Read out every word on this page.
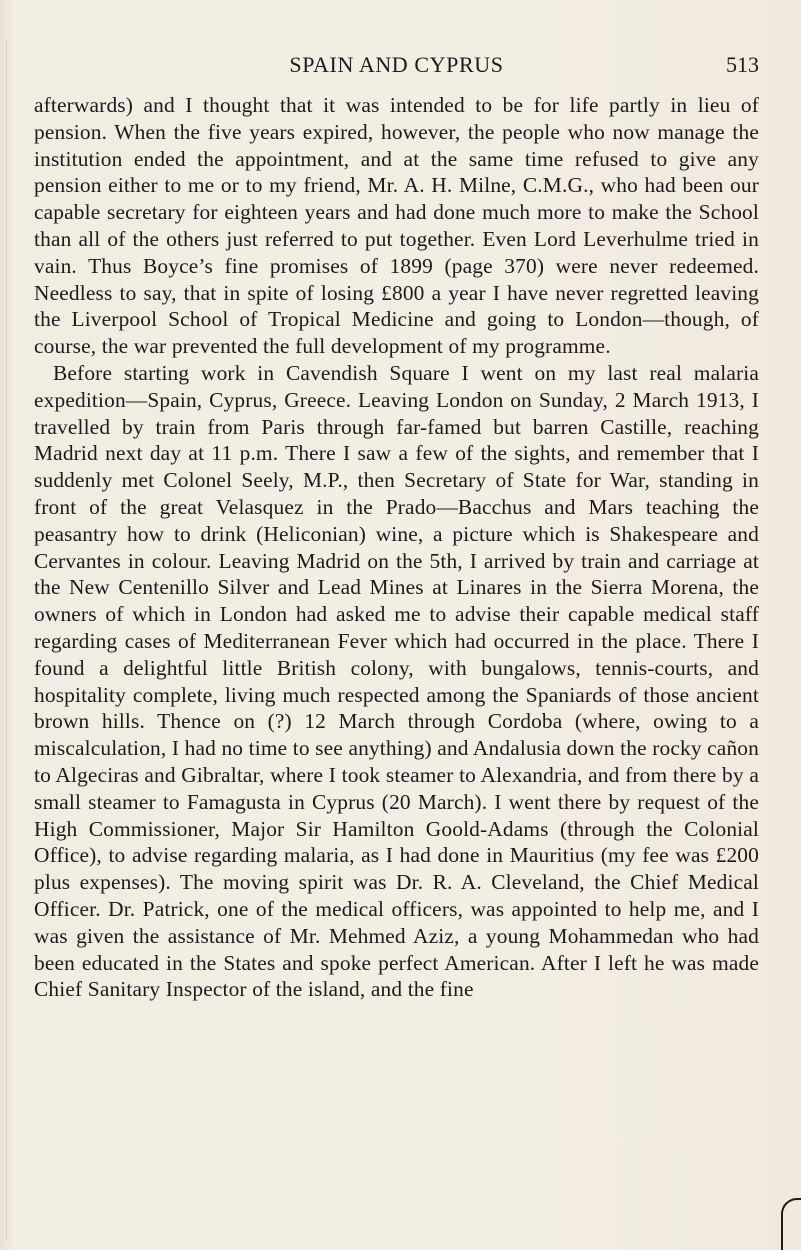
SPAIN AND CYPRUS	513

afterwards) and I thought that it was intended to be for life partly in lieu of pension. When the five years expired, however, the people who now manage the institution ended the appointment, and at the same time refused to give any pension either to me or to my friend, Mr. A. H. Milne, C.M.G., who had been our capable secretary for eighteen years and had done much more to make the School than all of the others just referred to put together. Even Lord Leverhulme tried in vain. Thus Boyce’s fine promises of 1899 (page 370) were never redeemed. Needless to say, that in spite of losing £800 a year I have never regretted leaving the Liverpool School of Tropical Medicine and going to London—though, of course, the war prevented the full development of my programme.

Before starting work in Cavendish Square I went on my last real malaria expedition—Spain, Cyprus, Greece. Leaving London on Sunday, 2 March 1913, I travelled by train from Paris through far-famed but barren Castille, reaching Madrid next day at 11 p.m. There I saw a few of the sights, and remember that I suddenly met Colonel Seely, M.P., then Secretary of State for War, standing in front of the great Velasquez in the Prado—Bacchus and Mars teaching the peasantry how to drink (Heliconian) wine, a picture which is Shakespeare and Cervantes in colour. Leaving Madrid on the 5th, I arrived by train and carriage at the New Centenillo Silver and Lead Mines at Linares in the Sierra Morena, the owners of which in London had asked me to advise their capable medical staff regarding cases of Mediterranean Fever which had occurred in the place. There I found a delightful little British colony, with bungalows, tennis-courts, and hospitality complete, living much respected among the Spaniards of those ancient brown hills. Thence on (?) 12 March through Cordoba (where, owing to a miscalculation, I had no time to see anything) and Andalusia down the rocky cañon to Algeciras and Gibraltar, where I took steamer to Alexandria, and from there by a small steamer to Famagusta in Cyprus (20 March). I went there by request of the High Commissioner, Major Sir Hamilton Goold-Adams (through the Colonial Office), to advise regarding malaria, as I had done in Mauritius (my fee was £200 plus expenses). The moving spirit was Dr. R. A. Cleveland, the Chief Medical Officer. Dr. Patrick, one of the medical officers, was appointed to help me, and I was given the assistance of Mr. Mehmed Aziz, a young Mohammedan who had been educated in the States and spoke perfect American. After I left he was made Chief Sanitary Inspector of the island, and the fine
